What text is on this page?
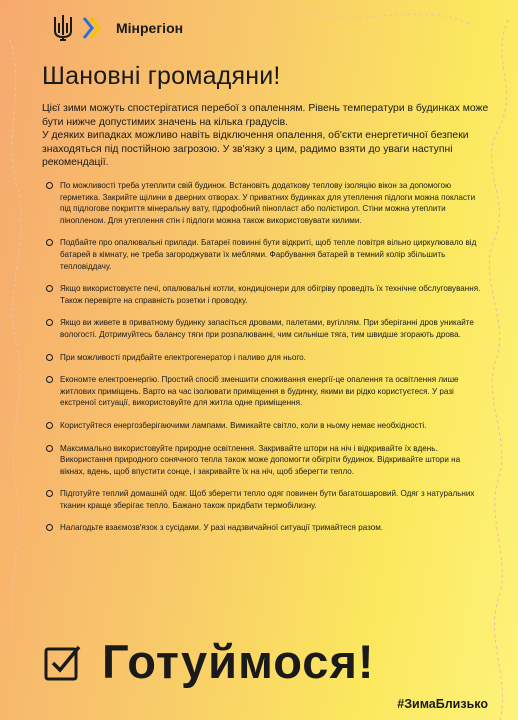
Мінрегіон
Шановні громадяни!

Цієї зими можуть спостерігатися перебої з опаленням. Рівень температури в будинках може бути нижче допустимих значень на кілька градусів.

У деяких випадках можливо навіть відключення опалення, об'єкти енергетичної безпеки знаходяться під постійною загрозою. У зв'язку з цим, радимо взяти до уваги наступні рекомендації.

По можливості треба утеплити свій будинок. Встановіть додаткову теплову ізоляцію вікон за допомогою герметика. Закрийте щілини в дверних отворах. У приватних будинках для утеплення підлоги можна покласти під підлогове покриття мінеральну вату, гідрофобний пінопласт або полістирол. Стіни можна утеплити пінопленом. Для утеплення стін і підлоги можна також використовувати килими.
Подбайте про опалювальні прилади. Батареї повинні бути відкриті, щоб тепле повітря вільно циркулювало від батарей в кімнату, не треба загороджувати їх меблями. Фарбування батарей в темний колір збільшить тепловіддачу.
Якщо використовуєте печі, опалювальні котли, кондиціонери для обігріву проведіть їх технічне обслуговування. Також перевірте на справність розетки і проводку.
Якщо ви живете в приватному будинку запасіться дровами, палетами, вугіллям. При зберіганні дров уникайте вологості. Дотримуйтесь балансу тяги при розпалюванні, чим сильніше тяга, тим швидше згорають дрова.
При можливості придбайте електрогенератор і паливо для нього.
Економте електроенергію. Простий спосіб зменшити споживання енергії-це опалення та освітлення лише житлових приміщень. Варто на час ізолювати приміщення в будинку, якими ви рідко користуєтеся. У разі екстреної ситуації, використовуйте для житла одне приміщення.
Користуйтеся енергозберігаючими лампами. Вимикайте світло, коли в ньому немає необхідності.
Максимально використовуйте природне освітлення. Закривайте штори на ніч і відкривайте їх вдень. Використання природного сонячного тепла також може допомогти обігріти будинок. Відкривайте штори на вікнах, вдень, щоб впустити сонце, і закривайте їх на ніч, щоб зберегти тепло.
Підготуйте теплий домашній одяг. Щоб зберегти тепло одяг повинен бути багатошаровий. Одяг з натуральних тканин краще зберігає тепло. Бажано також придбати термобілизну.
Налагодьте взаємозв'язок з сусідами. У разі надзвичайної ситуації тримайтеся разом.
Готуймося!
#ЗимаБлизько
